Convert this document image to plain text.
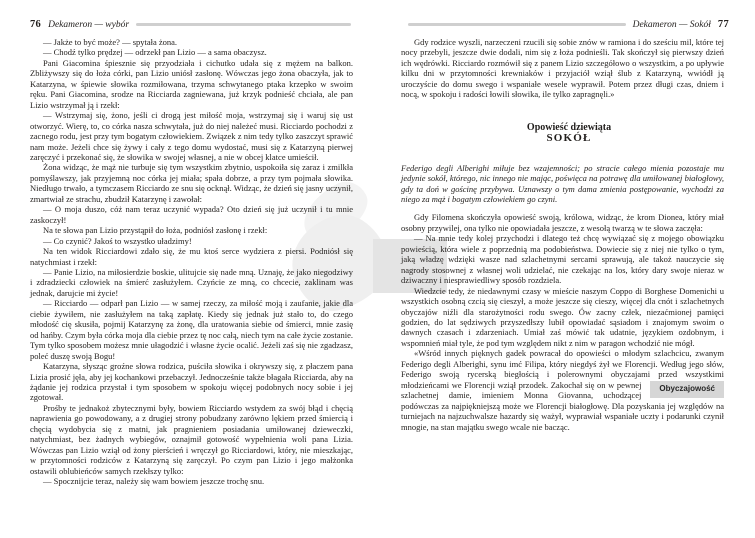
76 Dekameron — wybór

— Jakże to być może? — spytała żona.

— Chodź tylko prędzej — odrzekł pan Lizio — a sama obaczysz.

Pani Giacomina śpiesznie się przyodziała i cichutko udała się z mężem na balkon. Zbliżywszy się do łoża córki, pan Lizio uniósł zasłonę. Wówczas jego żona obaczyła, jak to Katarzyna, w śpiewie słowika rozmiłowana, trzyma schwytanego ptaka krzepko w swoim ręku. Pani Giacomina, srodze na Ricciarda zagniewana, już krzyk podnieść chciała, ale pan Lizio wstrzymał ją i rzekł:

— Wstrzymaj się, żono, jeśli ci drogą jest miłość moja, wstrzymaj się i waruj się ust otworzyć. Wierę, to, co córka nasza schwytała, już do niej należeć musi. Ricciardo pochodzi z zacnego rodu, jest przy tym bogatym człowiekiem. Związek z nim tedy tylko zaszczyt sprawić nam może. Jeżeli chce się żywy i cały z tego domu wydostać, musi się z Katarzyną pierwej zaręczyć i przekonać się, że słowika w swojej własnej, a nie w obcej klatce umieścił.

Żona widząc, że mąż nie turbuje się tym wszystkim zbytnio, uspokoiła się zaraz i zmilkła pomyślawszy, jak przyjemną noc córka jej miała; spała dobrze, a przy tym pojmała słowika. Niedługo trwało, a tymczasem Ricciardo ze snu się ocknął. Widząc, że dzień się jasny uczynił, zmartwiał ze strachu, zbudził Katarzynę i zawołał:

— O moja duszo, cóż nam teraz uczynić wypada? Oto dzień się już uczynił i tu mnie zaskoczył!

Na te słowa pan Lizio przystąpił do łoża, podniósł zasłonę i rzekł:

— Co czynić? Jakoś to wszystko uładzimy!

Na ten widok Ricciardowi zdało się, że mu ktoś serce wydziera z piersi. Podniósł się natychmiast i rzekł:

— Panie Lizio, na miłosierdzie boskie, ulitujcie się nade mną. Uznaję, że jako niegodziwy i zdradziecki człowiek na śmierć zasłużyłem. Czyńcie ze mną, co chcecie, zaklinam was jednak, darujcie mi życie!

— Ricciardo — odparł pan Lizio — w samej rzeczy, za miłość moją i zaufanie, jakie dla ciebie żywiłem, nie zasłużyłem na taką zapłatę. Kiedy się jednak już stało to, do czego młodość cię skusiła, pojmij Katarzynę za żonę, dla uratowania siebie od śmierci, mnie zasię od hańby. Czym była córka moja dla ciebie przez tę noc całą, niech tym na całe życie zostanie. Tym tylko sposobem możesz mnie ułagodzić i własne życie ocalić. Jeżeli zaś się nie zgadzasz, poleć duszę swoją Bogu!

Katarzyna, słysząc groźne słowa rodzica, puściła słowika i okrywszy się, z płaczem pana Lizia prosić jęła, aby jej kochankowi przebaczył. Jednocześnie także błagała Ricciarda, aby na żądanie jej rodzica przystał i tym sposobem w spokoju więcej podobnych nocy sobie i jej zgotował.

Prośby te jednakoż zbytecznymi były, bowiem Ricciardo wstydem za swój błąd i chęcią naprawienia go powodowany, a z drugiej strony pobudzany zarówno lękiem przed śmiercią i chęcią wydobycia się z matni, jak pragnieniem posiadania umiłowanej dzieweczki, natychmiast, bez żadnych wybiegów, oznajmił gotowość wypełnienia woli pana Lizia. Wówczas pan Lizio wziął od żony pierścień i wręczył go Ricciardowi, który, nie mieszkając, w przytomności rodziców z Katarzyną się zaręczył. Po czym pan Lizio i jego małżonka ostawili oblubieńców samych rzekłszy tylko:

— Spocznijcie teraz, należy się wam bowiem jeszcze trochę snu.

Dekameron — Sokół 77

Gdy rodzice wyszli, narzeczeni rzucili się sobie znów w ramiona i do sześciu mil, które tej nocy przebyli, jeszcze dwie dodali, nim się z łoża podnieśli. Tak skończył się pierwszy dzień ich wędrówki. Ricciardo rozmówił się z panem Lizio szczegółowo o wszystkim, a po upływie kilku dni w przytomności krewniaków i przyjaciół wziął ślub z Katarzyną, wwiódł ją uroczyście do domu swego i wspaniałe wesele wyprawił. Potem przez długi czas, dniem i nocą, w spokoju i radości łowili słowika, ile tylko zapragnęli.»

Opowieść dziewiąta

SOKÓŁ

Federigo degli Alberighi miłuje bez wzajemności; po stracie całego mienia pozostaje mu jedynie sokół, którego, nic innego nie mając, poświęca na potrawę dla umiłowanej białogłowy, gdy ta doń w gościnę przybywa. Uznawszy o tym dama zmienia postępowanie, wychodzi za niego za mąż i bogatym człowiekiem go czyni.

Gdy Filomena skończyła opowieść swoją, królowa, widząc, że krom Dionea, który miał osobny przywilej, ona tylko nie opowiadała jeszcze, z wesołą twarzą w te słowa zaczęła:

— Na mnie tedy kolej przychodzi i dlatego też chcę wywiązać się z mojego obowiązku powieścią, która wiele z poprzednią ma podobieństwa. Dowiecie się z niej nie tylko o tym, jaką władzę wdzięki wasze nad szlachetnymi sercami sprawują, ale takoż nauczycie się nagrody stosownej z własnej woli udzielać, nie czekając na los, który dary swoje nieraz w dziwaczny i niesprawiedliwy sposób rozdziela.

Wiedzcie tedy, że niedawnymi czasy w mieście naszym Coppo di Borghese Domenichi u wszystkich osobną czcią się cieszył, a może jeszcze się cieszy, więcej dla cnót i szlachetnych obyczajów niźli dla starożytności rodu swego. Ów zacny człek, niezaćmionej pamięci godzien, do lat sędziwych przyszedłszy lubił opowiadać sąsiadom i znajomym swoim o dawnych czasach i zdarzeniach. Umiał zaś mówić tak udatnie, językiem ozdobnym, i wspomnień miał tyle, że pod tym względem nikt z nim w paragon wchodzić nie mógł.

«Wśród innych pięknych gadek powracał do opowieści o młodym szlachcicu, zwanym Federigo degli Alberighi, synu imć Filipa, który niegdyś żył we Florencji. Według jego słów, Federigo swoją rycerską biegłością i polerownymi obyczajami przed wszystkimi młodzieńcami we Florencji wziął przodek.	Obyczajowość
Zakochał się on w pewnej szlachetnej damie, imieniem Monna Giovanna, uchodzącej podówczas za najpiękniejszą może we Florencji białogłowę. Dla pozyskania jej względów na turniejach na najzuchwalsze hazardy się ważył, wyprawiał wspaniałe uczty i podarunki czynił mnogie, na stan majątku swego wcale nie bacząc.
